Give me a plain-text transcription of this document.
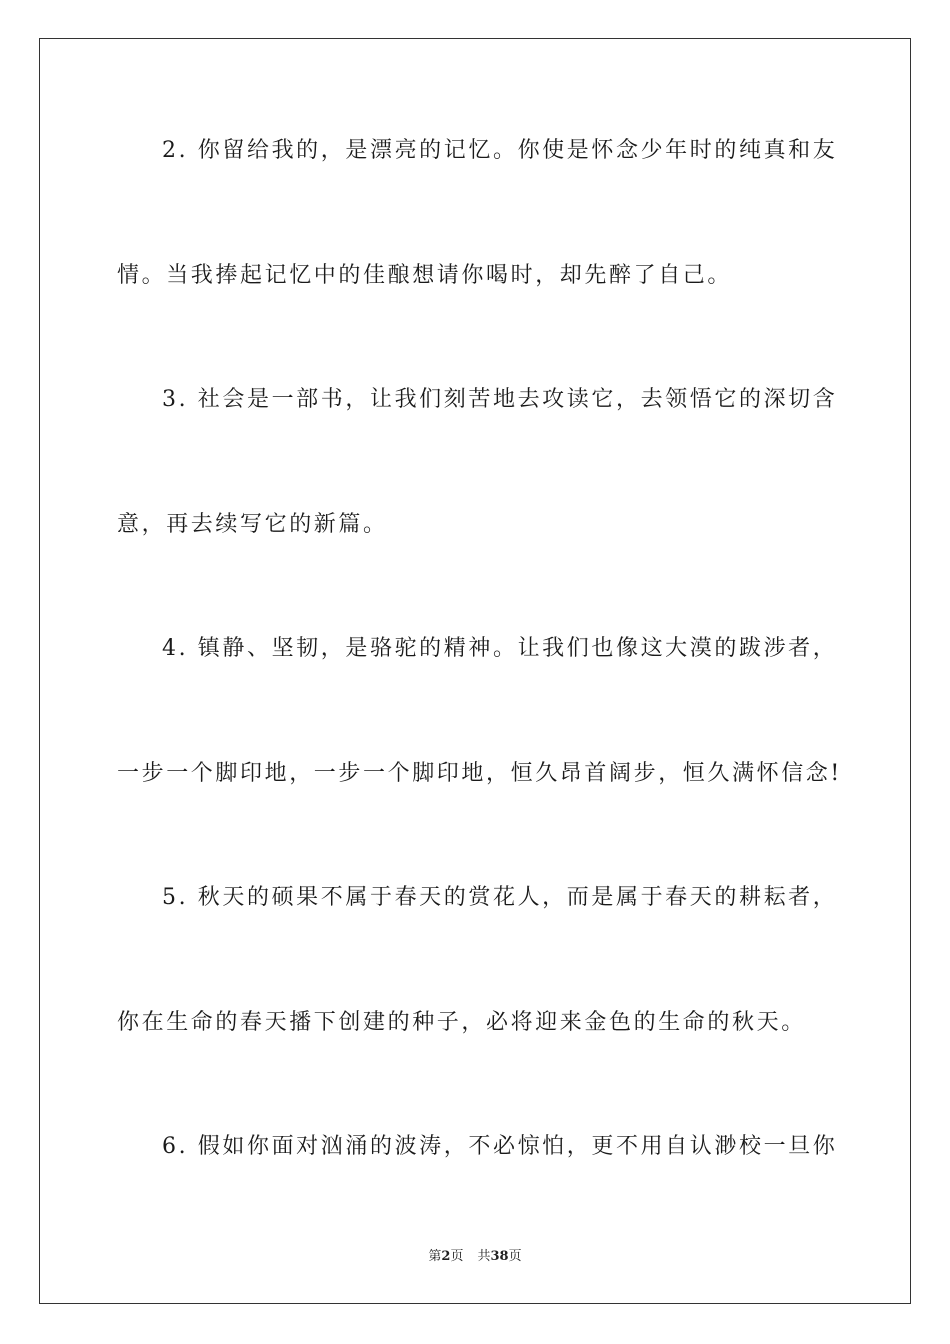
2. 你留给我的，是漂亮的记忆。你使是怀念少年时的纯真和友
情。当我捧起记忆中的佳酿想请你喝时，却先醉了自己。
3. 社会是一部书，让我们刻苦地去攻读它，去领悟它的深切含
意，再去续写它的新篇。
4. 镇静、坚韧，是骆驼的精神。让我们也像这大漠的跋涉者，
一步一个脚印地，一步一个脚印地，恒久昂首阔步，恒久满怀信念!
5. 秋天的硕果不属于春天的赏花人，而是属于春天的耕耘者，
你在生命的春天播下创建的种子，必将迎来金色的生命的秋天。
6. 假如你面对汹涌的波涛，不必惊怕，更不用自认渺校一旦你
第2页 共38页
